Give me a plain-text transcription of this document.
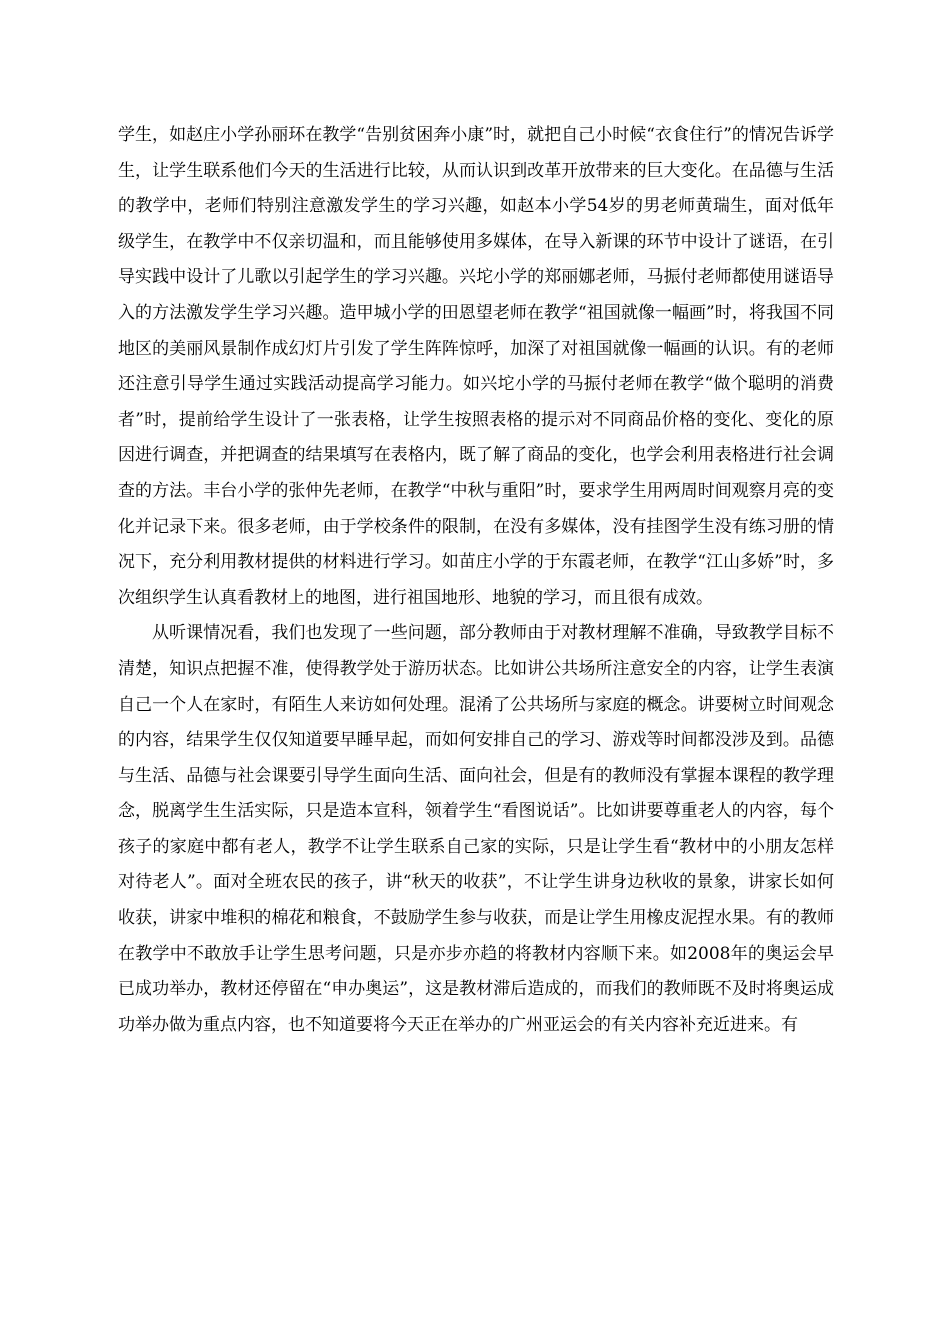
学生，如赵庄小学孙丽环在教学“告别贫困奔小康”时，就把自己小时候“衣食住行”的情况告诉学生，让学生联系他们今天的生活进行比较，从而认识到改革开放带来的巨大变化。在品德与生活的教学中，老师们特别注意激发学生的学习兴趣，如赵本小学54岁的男老师黄瑞生，面对低年级学生，在教学中不仅亲切温和，而且能够使用多媒体，在导入新课的环节中设计了谜语，在引导实践中设计了儿歌以引起学生的学习兴趣。兴坨小学的郑丽娜老师，马振付老师都使用谜语导入的方法激发学生学习兴趣。造甲城小学的田恩望老师在教学“祖国就像一幅画”时，将我国不同地区的美丽风景制作成幻灯片引发了学生阵阵惊呼，加深了对祖国就像一幅画的认识。有的老师还注意引导学生通过实践活动提高学习能力。如兴坨小学的马振付老师在教学“做个聪明的消费者”时，提前给学生设计了一张表格，让学生按照表格的提示对不同商品价格的变化、变化的原因进行调查，并把调查的结果填写在表格内，既了解了商品的变化，也学会利用表格进行社会调查的方法。丰台小学的张仲先老师，在教学“中秋与重阳”时，要求学生用两周时间观察月亮的变化并记录下来。很多老师，由于学校条件的限制，在没有多媒体，没有挂图学生没有练习册的情况下，充分利用教材提供的材料进行学习。如苗庄小学的于东霞老师，在教学“江山多娇”时，多次组织学生认真看教材上的地图，进行祖国地形、地貌的学习，而且很有成效。

从听课情况看，我们也发现了一些问题，部分教师由于对教材理解不准确，导致教学目标不清楚，知识点把握不准，使得教学处于游历状态。比如讲公共场所注意安全的内容，让学生表演自己一个人在家时，有陌生人来访如何处理。混淆了公共场所与家庭的概念。讲要树立时间观念的内容，结果学生仅仅知道要早睡早起，而如何安排自己的学习、游戏等时间都没涉及到。品德与生活、品德与社会课要引导学生面向生活、面向社会，但是有的教师没有掌握本课程的教学理念，脱离学生生活实际，只是造本宣科，领着学生“看图说话”。比如讲要尊重老人的内容，每个孩子的家庭中都有老人，教学不让学生联系自己家的实际，只是让学生看“教材中的小朋友怎样对待老人”。面对全班农民的孩子，讲“秋天的收获”，不让学生讲身边秋收的景象，讲家长如何收获，讲家中堆积的棉花和粮食，不鼓励学生参与收获，而是让学生用橡皮泥捏水果。有的教师在教学中不敢放手让学生思考问题，只是亦步亦趋的将教材内容顺下来。如2008年的奥运会早已成功举办，教材还停留在“申办奥运”，这是教材滞后造成的，而我们的教师既不及时将奥运成功举办做为重点内容，也不知道要将今天正在举办的广州亚运会的有关内容补充近进来。有
